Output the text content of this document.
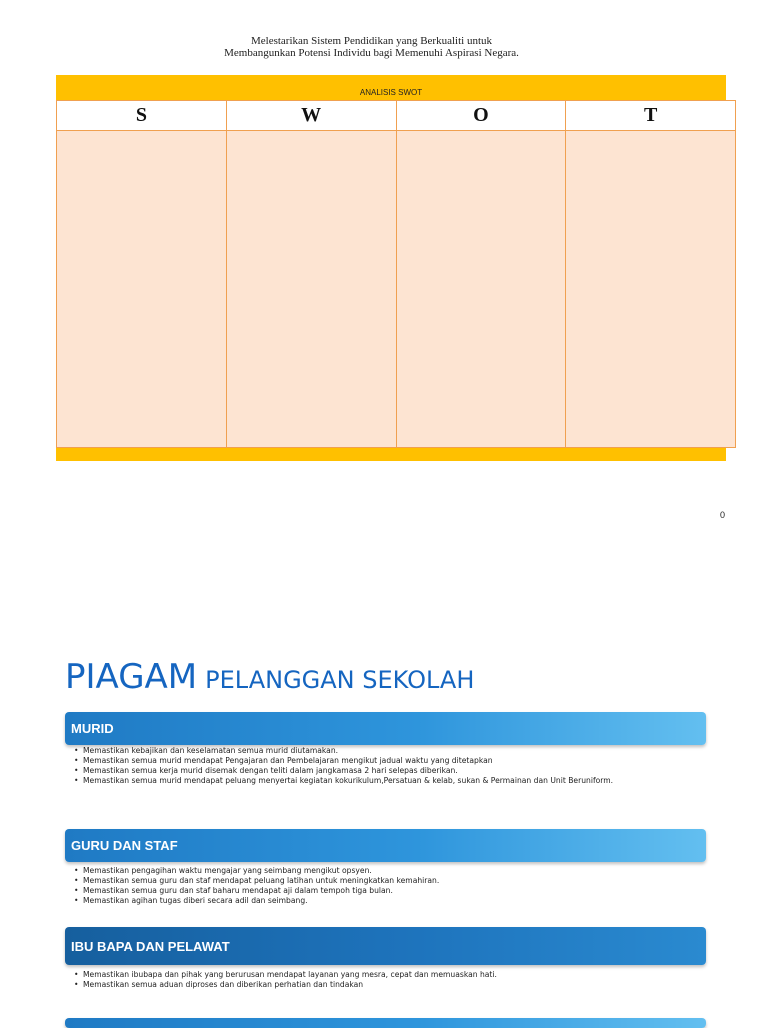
Melestarikan Sistem Pendidikan yang Berkualiti untuk
Membangunkan Potensi Individu bagi Memenuhi Aspirasi Negara.
ANALISIS SWOT
S	W	O	T
0
PIAGAM PELANGGAN SEKOLAH
MURID
• Memastikan kebajikan dan keselamatan semua murid diutamakan.
• Memastikan semua murid mendapat Pengajaran dan Pembelajaran mengikut jadual waktu yang ditetapkan
• Memastikan semua kerja murid disemak dengan teliti dalam jangkamasa 2 hari selepas diberikan.
• Memastikan semua murid mendapat peluang menyertai kegiatan kokurikulum,Persatuan & kelab, sukan & Permainan dan Unit Beruniform.
GURU DAN STAF
• Memastikan pengagihan waktu mengajar yang seimbang mengikut opsyen.
• Memastikan semua guru dan staf mendapat peluang latihan untuk meningkatkan kemahiran.
• Memastikan semua guru dan staf baharu mendapat aji dalam tempoh tiga bulan.
• Memastikan agihan tugas diberi secara adil dan seimbang.
IBU BAPA DAN PELAWAT
• Memastikan ibubapa dan pihak yang berurusan mendapat layanan yang mesra, cepat dan memuaskan hati.
• Memastikan semua aduan diproses dan diberikan perhatian dan tindakan
